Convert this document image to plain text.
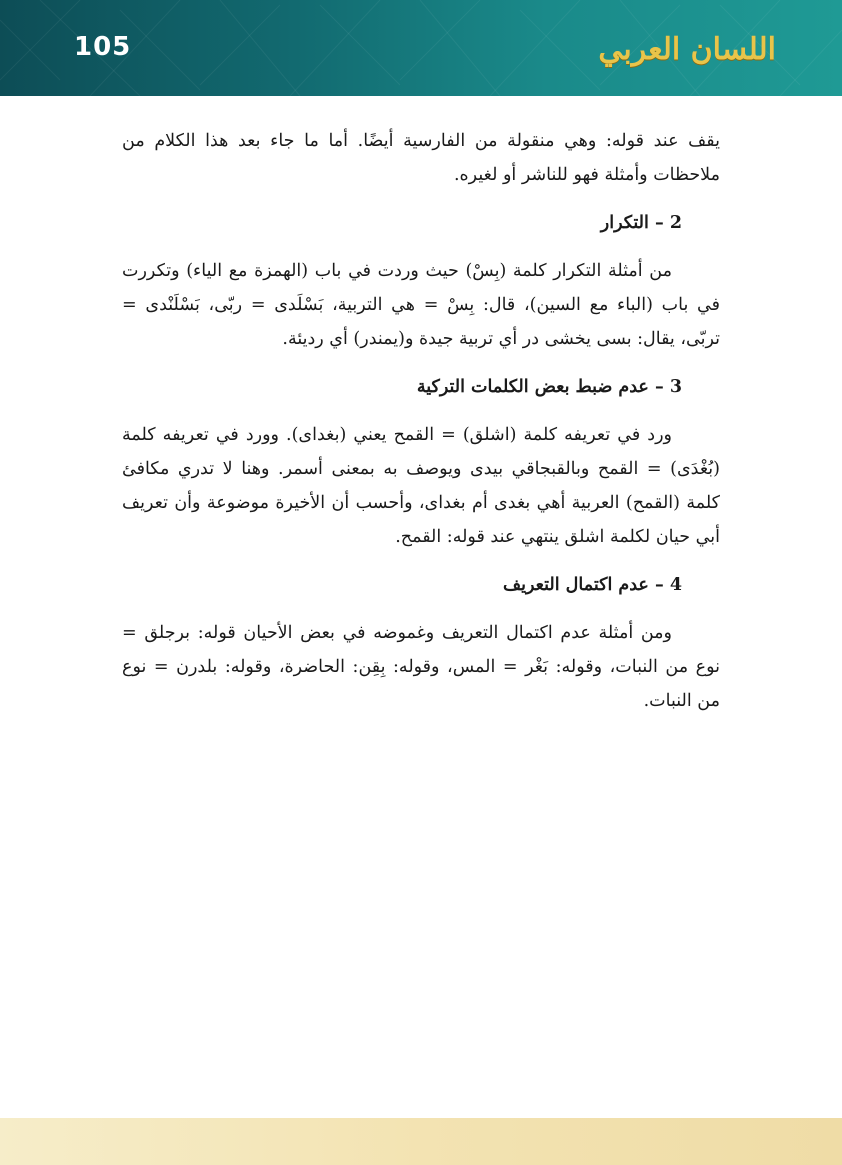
105	اللسان العربي

يقف عند قوله: وهي منقولة من الفارسية أيضًا. أما ما جاء بعد هذا الكلام من ملاحظات وأمثلة فهو للناشر أو لغيره.

2 – التكرار

من أمثلة التكرار كلمة (بِسْ) حيث وردت في باب (الهمزة مع الياء) وتكررت في باب (الباء مع السين)، قال: بِسْ = هي التربية، بَسْلَدى = ربّى، بَسْلَنْدى = تربّى، يقال: بسى يخشى در أي تربية جيدة و(يمندر) أي رديئة.

3 – عدم ضبط بعض الكلمات التركية

ورد في تعريفه كلمة (اشلق) = القمح يعني (بغداى). وورد في تعريفه كلمة (بُغْدَى) = القمح وبالقبجاقي بيدى ويوصف به بمعنى أسمر. وهنا لا تدري مكافئ كلمة (القمح) العربية أهي بغدى أم بغداى، وأحسب أن الأخيرة موضوعة وأن تعريف أبي حيان لكلمة اشلق ينتهي عند قوله: القمح.

4 – عدم اكتمال التعريف

ومن أمثلة عدم اكتمال التعريف وغموضه في بعض الأحيان قوله: برجلق = نوع من النبات، وقوله: بَغْر = المس، وقوله: بِقِن: الحاضرة، وقوله: بلدرن = نوع من النبات.
